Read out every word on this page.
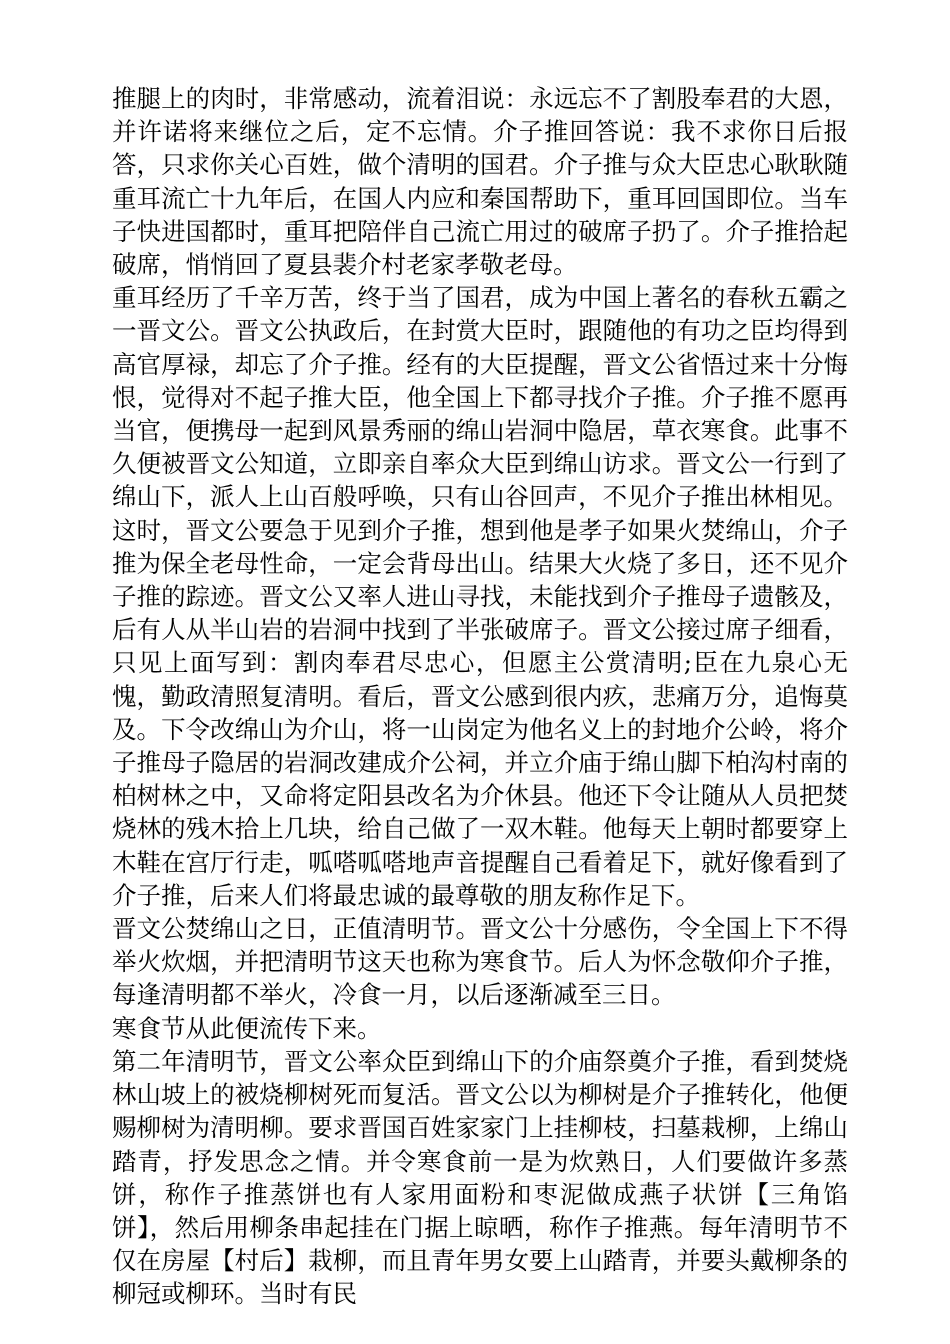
推腿上的肉时，非常感动，流着泪说：永远忘不了割股奉君的大恩，并许诺将来继位之后，定不忘情。介子推回答说：我不求你日后报答，只求你关心百姓，做个清明的国君。介子推与众大臣忠心耿耿随重耳流亡十九年后，在国人内应和秦国帮助下，重耳回国即位。当车子快进国都时，重耳把陪伴自己流亡用过的破席子扔了。介子推拾起破席，悄悄回了夏县裴介村老家孝敬老母。

重耳经历了千辛万苦，终于当了国君，成为中国上著名的春秋五霸之一晋文公。晋文公执政后，在封赏大臣时，跟随他的有功之臣均得到高官厚禄，却忘了介子推。经有的大臣提醒，晋文公省悟过来十分悔恨，觉得对不起子推大臣，他全国上下都寻找介子推。介子推不愿再当官，便携母一起到风景秀丽的绵山岩洞中隐居，草衣寒食。此事不久便被晋文公知道，立即亲自率众大臣到绵山访求。晋文公一行到了绵山下，派人上山百般呼唤，只有山谷回声，不见介子推出林相见。这时，晋文公要急于见到介子推，想到他是孝子如果火焚绵山，介子推为保全老母性命，一定会背母出山。结果大火烧了多日，还不见介子推的踪迹。晋文公又率人进山寻找，未能找到介子推母子遗骸及，后有人从半山岩的岩洞中找到了半张破席子。晋文公接过席子细看，只见上面写到：割肉奉君尽忠心，但愿主公赏清明;臣在九泉心无愧，勤政清照复清明。看后，晋文公感到很内疚，悲痛万分，追悔莫及。下令改绵山为介山，将一山岗定为他名义上的封地介公岭，将介子推母子隐居的岩洞改建成介公祠，并立介庙于绵山脚下柏沟村南的柏树林之中，又命将定阳县改名为介休县。他还下令让随从人员把焚烧林的残木拾上几块，给自己做了一双木鞋。他每天上朝时都要穿上木鞋在宫厅行走，呱嗒呱嗒地声音提醒自己看着足下，就好像看到了介子推，后来人们将最忠诚的最尊敬的朋友称作足下。

晋文公焚绵山之日，正值清明节。晋文公十分感伤，令全国上下不得举火炊烟，并把清明节这天也称为寒食节。后人为怀念敬仰介子推，每逢清明都不举火，冷食一月，以后逐渐减至三日。

寒食节从此便流传下来。

第二年清明节，晋文公率众臣到绵山下的介庙祭奠介子推，看到焚烧林山坡上的被烧柳树死而复活。晋文公以为柳树是介子推转化，他便赐柳树为清明柳。要求晋国百姓家家门上挂柳枝，扫墓栽柳，上绵山踏青，抒发思念之情。并令寒食前一是为炊熟日，人们要做许多蒸饼，称作子推蒸饼也有人家用面粉和枣泥做成燕子状饼【三角馅饼】，然后用柳条串起挂在门据上晾晒，称作子推燕。每年清明节不仅在房屋【村后】栽柳，而且青年男女要上山踏青，并要头戴柳条的柳冠或柳环。当时有民
